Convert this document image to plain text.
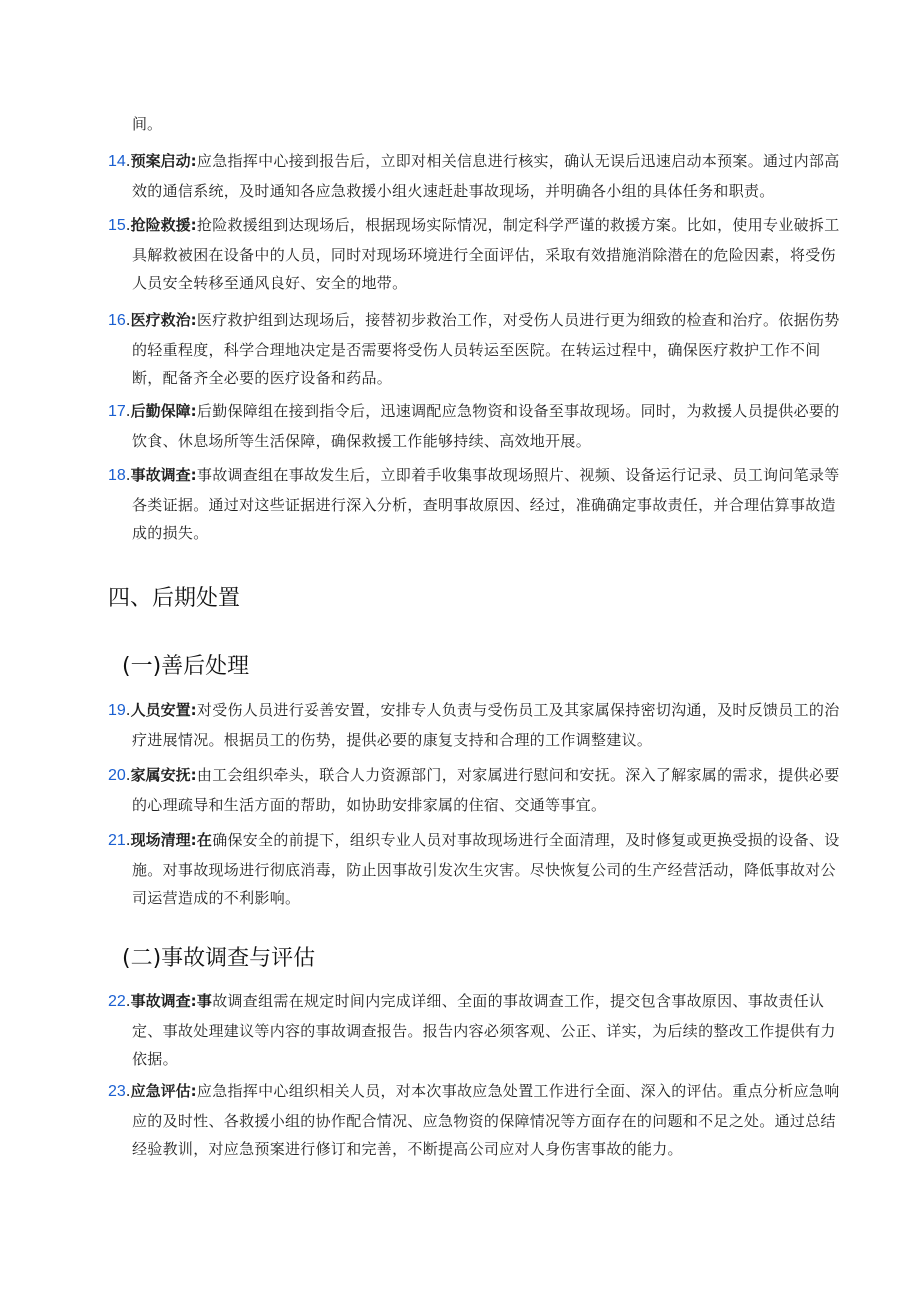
间。
14.预案启动:应急指挥中心接到报告后，立即对相关信息进行核实，确认无误后迅速启动本预案。通过内部高效的通信系统，及时通知各应急救援小组火速赶赴事故现场，并明确各小组的具体任务和职责。
15.抢险救援:抢险救援组到达现场后，根据现场实际情况，制定科学严谨的救援方案。比如，使用专业破拆工具解救被困在设备中的人员，同时对现场环境进行全面评估，采取有效措施消除潜在的危险因素，将受伤人员安全转移至通风良好、安全的地带。
16.医疗救治:医疗救护组到达现场后，接替初步救治工作，对受伤人员进行更为细致的检查和治疗。依据伤势的轻重程度，科学合理地决定是否需要将受伤人员转运至医院。在转运过程中，确保医疗救护工作不间断，配备齐全必要的医疗设备和药品。
17.后勤保障:后勤保障组在接到指令后，迅速调配应急物资和设备至事故现场。同时，为救援人员提供必要的饮食、休息场所等生活保障，确保救援工作能够持续、高效地开展。
18.事故调查:事故调查组在事故发生后，立即着手收集事故现场照片、视频、设备运行记录、员工询问笔录等各类证据。通过对这些证据进行深入分析，查明事故原因、经过，准确确定事故责任，并合理估算事故造成的损失。
四、后期处置
(一)善后处理
19.人员安置:对受伤人员进行妥善安置，安排专人负责与受伤员工及其家属保持密切沟通，及时反馈员工的治疗进展情况。根据员工的伤势，提供必要的康复支持和合理的工作调整建议。
20.家属安抚:由工会组织牵头，联合人力资源部门，对家属进行慰问和安抚。深入了解家属的需求，提供必要的心理疏导和生活方面的帮助，如协助安排家属的住宿、交通等事宜。
21.现场清理:在确保安全的前提下，组织专业人员对事故现场进行全面清理，及时修复或更换受损的设备、设施。对事故现场进行彻底消毒，防止因事故引发次生灾害。尽快恢复公司的生产经营活动，降低事故对公司运营造成的不利影响。
(二)事故调查与评估
22.事故调查:事故调查组需在规定时间内完成详细、全面的事故调查工作，提交包含事故原因、事故责任认定、事故处理建议等内容的事故调查报告。报告内容必须客观、公正、详实，为后续的整改工作提供有力依据。
23.应急评估:应急指挥中心组织相关人员，对本次事故应急处置工作进行全面、深入的评估。重点分析应急响应的及时性、各救援小组的协作配合情况、应急物资的保障情况等方面存在的问题和不足之处。通过总结经验教训，对应急预案进行修订和完善，不断提高公司应对人身伤害事故的能力。
